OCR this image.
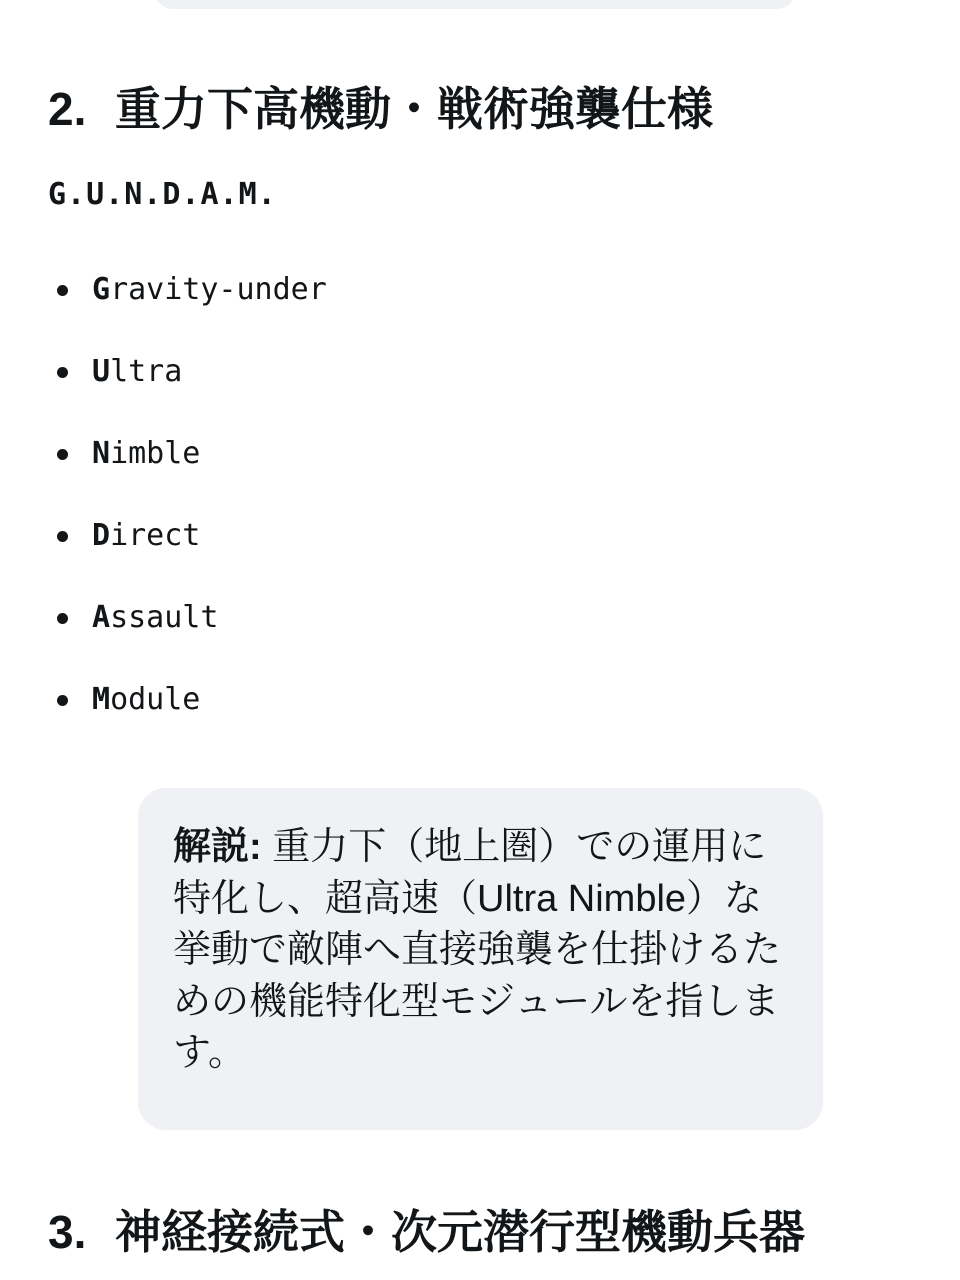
2. 重力下高機動・戦術強襲仕様
G.U.N.D.A.M.
Gravity-under
Ultra
Nimble
Direct
Assault
Module
解説: 重力下（地上圏）での運用に
特化し、超高速（Ultra Nimble）な
挙動で敵陣へ直接強襲を仕掛けるた
めの機能特化型モジュールを指しま
す。
3. 神経接続式・次元潜行型機動兵器
